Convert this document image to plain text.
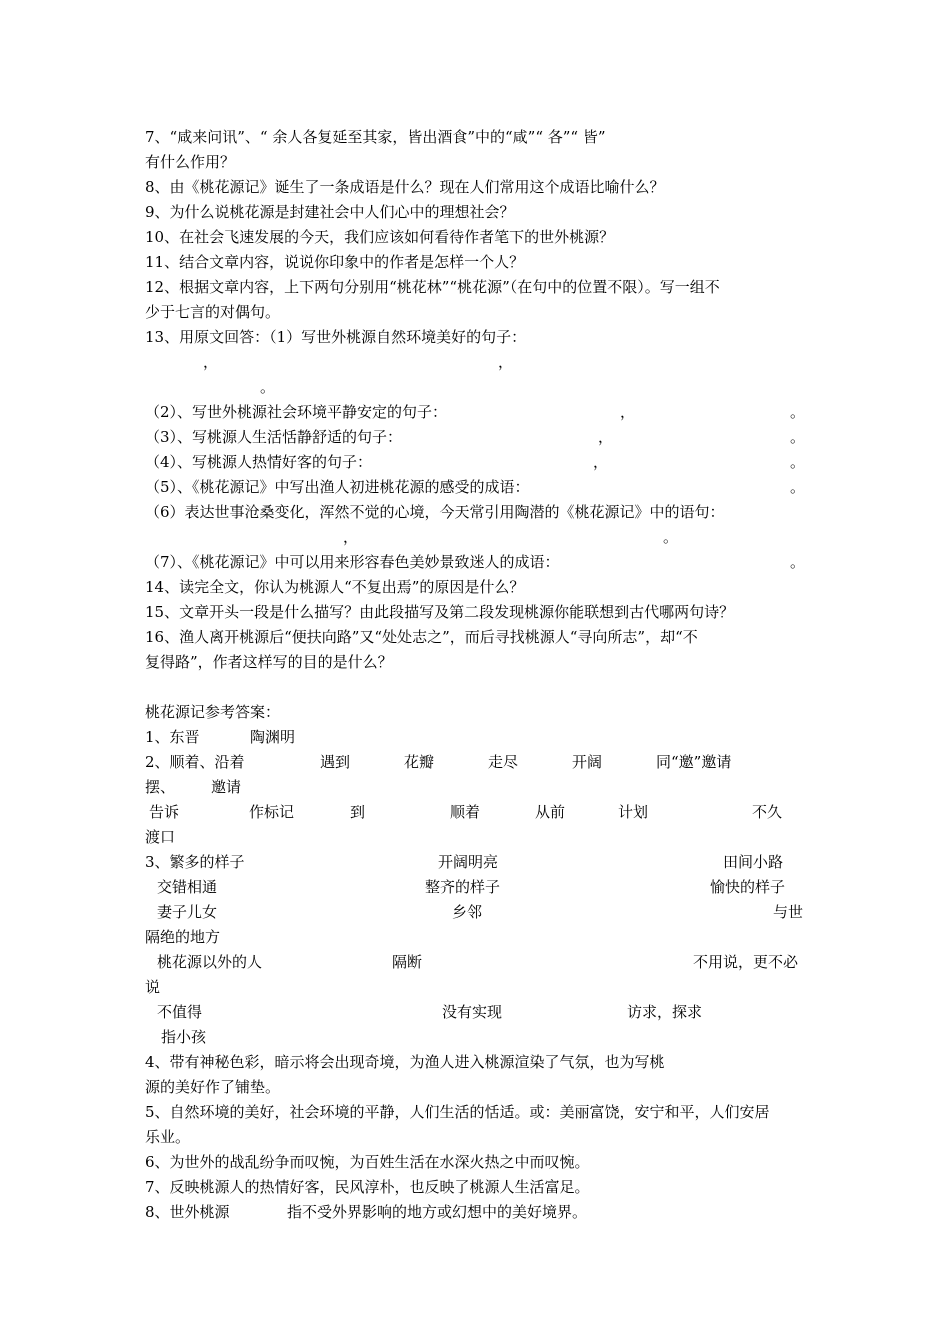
7、“咸来问讯”、“ 余人各复延至其家，皆出酒食”中的“咸”“ 各”“ 皆”
有什么作用？
8、由《桃花源记》诞生了一条成语是什么？现在人们常用这个成语比喻什么？
9、为什么说桃花源是封建社会中人们心中的理想社会？
10、在社会飞速发展的今天，我们应该如何看待作者笔下的世外桃源？
11、结合文章内容，说说你印象中的作者是怎样一个人？
12、根据文章内容，上下两句分别用“桃花林”“桃花源”（在句中的位置不限）。写一组不
少于七言的对偶句。
13、用原文回答：（1）写世外桃源自然环境美好的句子：
，	，
。
（2）、写世外桃源社会环境平静安定的句子：	，	。
（3）、写桃源人生活恬静舒适的句子：	，	。
（4）、写桃源人热情好客的句子：	，	。
（5）、《桃花源记》中写出渔人初进桃花源的感受的成语：	。
（6）表达世事沧桑变化，浑然不觉的心境，今天常引用陶潜的《桃花源记》中的语句：
，	。
（7）、《桃花源记》中可以用来形容春色美妙景致迷人的成语：	。
14、读完全文，你认为桃源人“不复出焉”的原因是什么？
15、文章开头一段是什么描写？由此段描写及第二段发现桃源你能联想到古代哪两句诗？
16、渔人离开桃源后“便扶向路”又“处处志之”，而后寻找桃源人“寻向所志”，却“不
复得路”，作者这样写的目的是什么？
桃花源记参考答案：
1、东晋	陶渊明
2、顺着、沿着	遇到	花瓣	走尽	开阔	同“邀”邀请
摆、 邀请
告诉	作标记	到	顺着	从前	计划	不久
渡口
3、繁多的样子	开阔明亮	田间小路
交错相通	整齐的样子	愉快的样子
妻子儿女	乡邻	与世
隔绝的地方
桃花源以外的人	隔断	不用说，更不必
说
不值得	没有实现	访求，探求
指小孩
4、带有神秘色彩，暗示将会出现奇境，为渔人进入桃源渲染了气氛，也为写桃
源的美好作了铺垫。
5、自然环境的美好，社会环境的平静，人们生活的恬适。或：美丽富饶，安宁和平，人们安居
乐业。
6、为世外的战乱纷争而叹惋，为百姓生活在水深火热之中而叹惋。
7、反映桃源人的热情好客，民风淳朴，也反映了桃源人生活富足。
8、世外桃源	指不受外界影响的地方或幻想中的美好境界。
